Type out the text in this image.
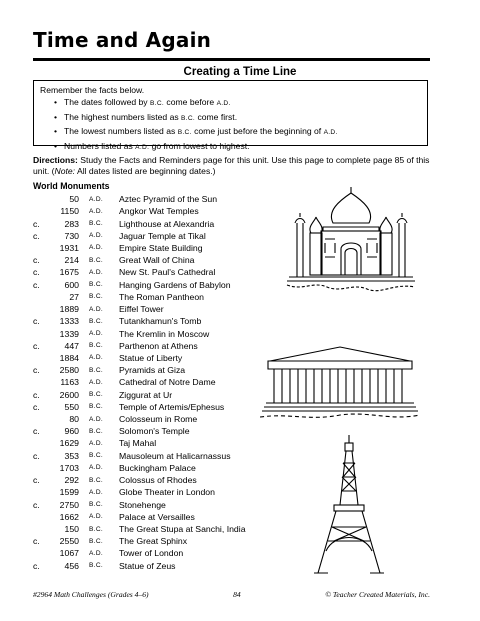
Time and Again
Creating a Time Line
Remember the facts below.
• The dates followed by B.C. come before A.D.
• The highest numbers listed as B.C. come first.
• The lowest numbers listed as B.C. come just before the beginning of A.D.
• Numbers listed as A.D. go from lowest to highest.
Directions: Study the Facts and Reminders page for this unit. Use this page to complete page 85 of this unit. (Note: All dates listed are beginning dates.)
World Monuments
50 A.D.	Aztec Pyramid of the Sun
1150 A.D.	Angkor Wat Temples
c.	283 B.C.	Lighthouse at Alexandria
c.	730 A.D.	Jaguar Temple at Tikal
1931 A.D.	Empire State Building
c.	214 B.C.	Great Wall of China
c.	1675 A.D.	New St. Paul's Cathedral
c.	600 B.C.	Hanging Gardens of Babylon
27 B.C.	The Roman Pantheon
1889 A.D.	Eiffel Tower
c.	1333 B.C.	Tutankhamun's Tomb
1339 A.D.	The Kremlin in Moscow
c.	447 B.C.	Parthenon at Athens
1884 A.D.	Statue of Liberty
c.	2580 B.C.	Pyramids at Giza
1163 A.D.	Cathedral of Notre Dame
c.	2600 B.C.	Ziggurat at Ur
c.	550 B.C.	Temple of Artemis/Ephesus
80 A.D.	Colosseum in Rome
c.	960 B.C.	Solomon's Temple
1629 A.D.	Taj Mahal
c.	353 B.C.	Mausoleum at Halicarnassus
1703 A.D.	Buckingham Palace
c.	292 B.C.	Colossus of Rhodes
1599 A.D.	Globe Theater in London
c.	2750 B.C.	Stonehenge
1662 A.D.	Palace at Versailles
150 B.C.	The Great Stupa at Sanchi, India
c.	2550 B.C.	The Great Sphinx
1067 A.D.	Tower of London
c.	456 B.C.	Statue of Zeus
#2964 Math Challenges (Grades 4–6)	84	© Teacher Created Materials, Inc.
